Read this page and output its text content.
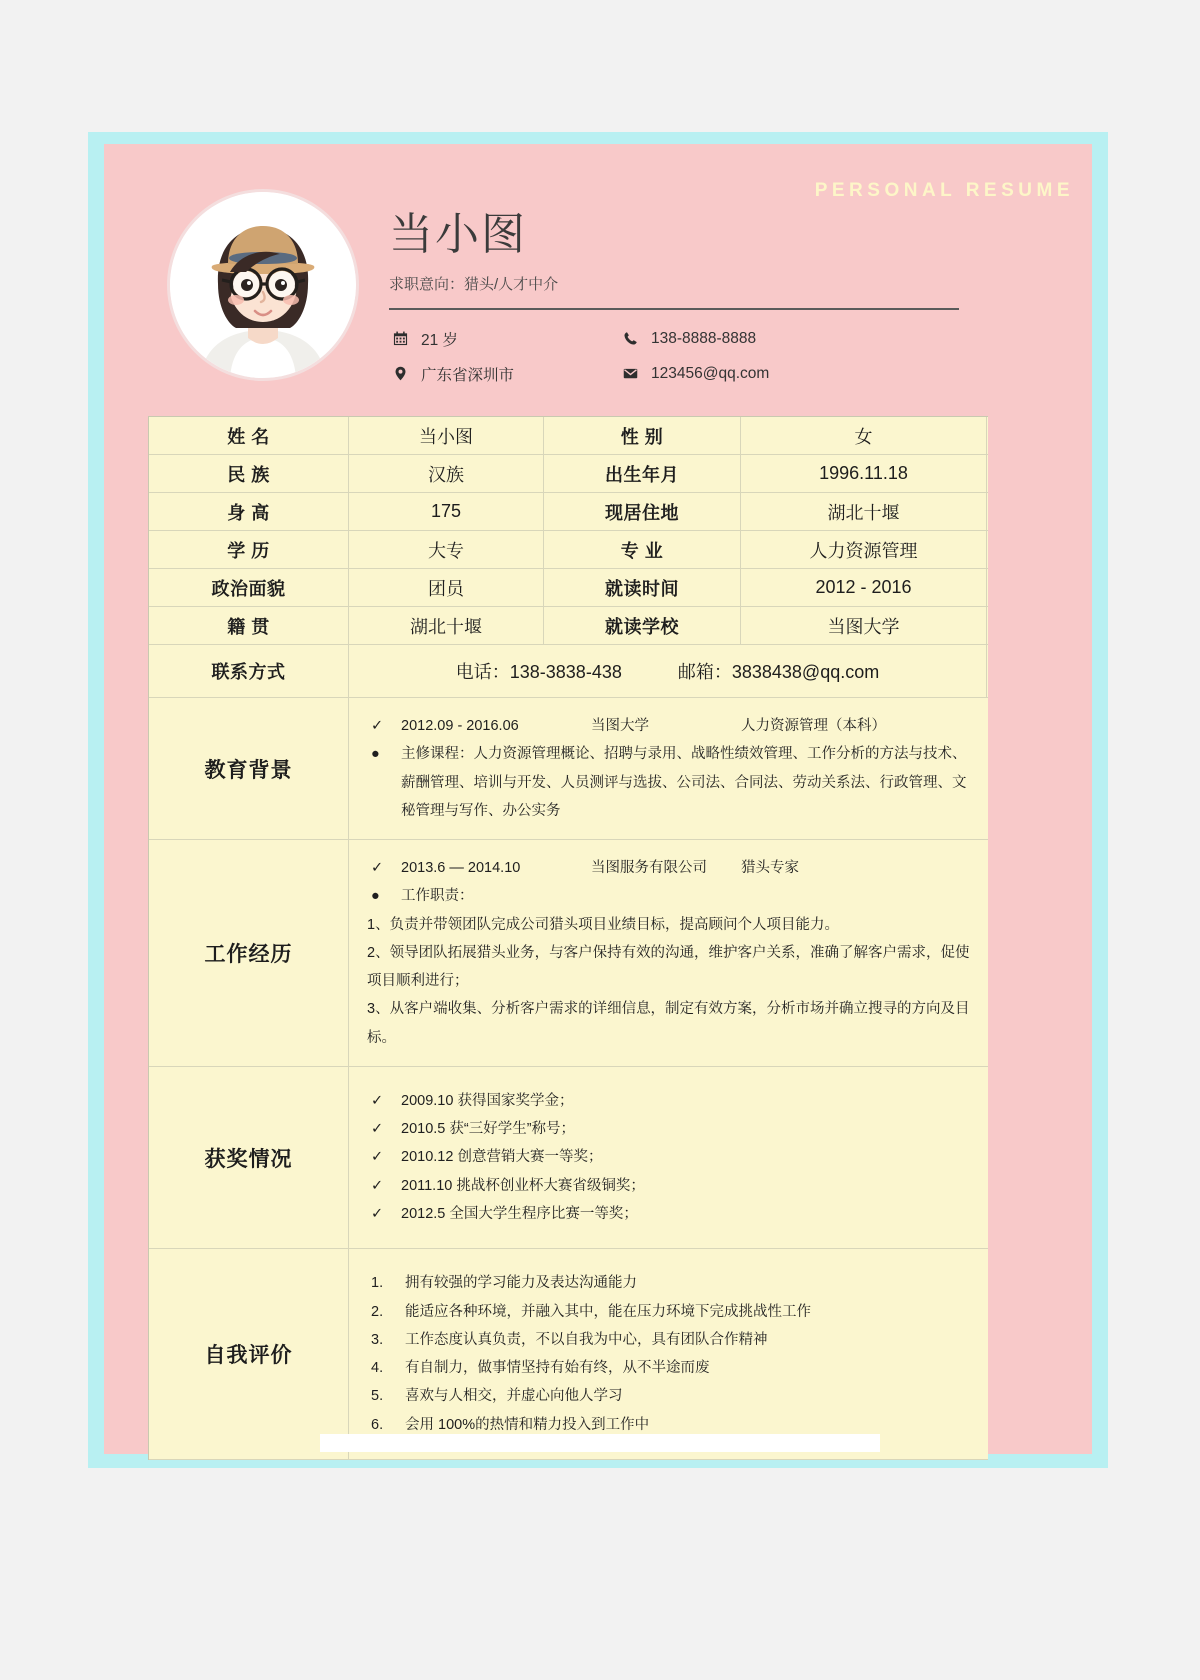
PERSONAL RESUME
当小图
求职意向：猎头/人才中介
21 岁	138-8888-8888
广东省深圳市	123456@qq.com
姓 名	当小图	性 别	女
民 族	汉族	出生年月	1996.11.18
身 高	175	现居住地	湖北十堰
学 历	大专	专 业	人力资源管理
政治面貌	团员	就读时间	2012 - 2016
籍 贯	湖北十堰	就读学校	当图大学
联系方式	电话：138-3838-438	邮箱：3838438@qq.com
教育背景
✓	2012.09 - 2016.06	当图大学	人力资源管理（本科）
●	主修课程：人力资源管理概论、招聘与录用、战略性绩效管理、工作分析的方法与技术、薪酬管理、培训与开发、人员测评与选拔、公司法、合同法、劳动关系法、行政管理、文秘管理与写作、办公实务
工作经历
✓	2013.6 — 2014.10	当图服务有限公司	猎头专家
●	工作职责：

1、负责并带领团队完成公司猎头项目业绩目标，提高顾问个人项目能力。

2、领导团队拓展猎头业务，与客户保持有效的沟通，维护客户关系，准确了解客户需求，促使项目顺利进行；

3、从客户端收集、分析客户需求的详细信息，制定有效方案，分析市场并确立搜寻的方向及目标。

获奖情况
✓	2009.10 获得国家奖学金；
✓	2010.5 获“三好学生”称号；
✓	2010.12 创意营销大赛一等奖；
✓	2011.10 挑战杯创业杯大赛省级铜奖；
✓	2012.5 全国大学生程序比赛一等奖；
自我评价
1.	拥有较强的学习能力及表达沟通能力
2.	能适应各种环境，并融入其中，能在压力环境下完成挑战性工作
3.	工作态度认真负责，不以自我为中心，具有团队合作精神
4.	有自制力，做事情坚持有始有终，从不半途而废
5.	喜欢与人相交，并虚心向他人学习
6.	会用 100%的热情和精力投入到工作中
